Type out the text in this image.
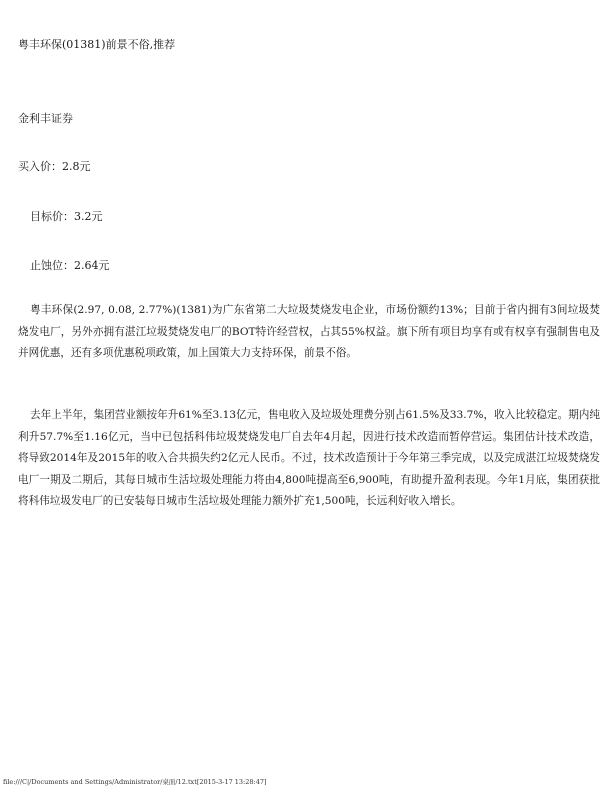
粤丰环保(01381)前景不俗,推荐
金利丰证券
买入价：2.8元
目标价：3.2元
止蚀位：2.64元
粤丰环保(2.97, 0.08, 2.77%)(1381)为广东省第二大垃圾焚烧发电企业，市场份额约13%；目前于省内拥有3间垃圾焚烧发电厂，另外亦拥有湛江垃圾焚烧发电厂的BOT特许经营权，占其55%权益。旗下所有项目均享有或有权享有强制售电及并网优惠，还有多项优惠税项政策，加上国策大力支持环保，前景不俗。
去年上半年，集团营业额按年升61%至3.13亿元，售电收入及垃圾处理费分别占61.5%及33.7%，收入比较稳定。期内纯利升57.7%至1.16亿元，当中已包括科伟垃圾焚烧发电厂自去年4月起，因进行技术改造而暂停营运。集团估计技术改造，将导致2014年及2015年的收入合共损失约2亿元人民币。不过，技术改造预计于今年第三季完成，以及完成湛江垃圾焚烧发电厂一期及二期后，其每日城市生活垃圾处理能力将由4,800吨提高至6,900吨，有助提升盈利表现。今年1月底，集团获批将科伟垃圾发电厂的已安装每日城市生活垃圾处理能力额外扩充1,500吨，长远利好收入增长。
file:///C|/Documents and Settings/Administrator/桌面/12.txt[2015-3-17 13:28:47]
